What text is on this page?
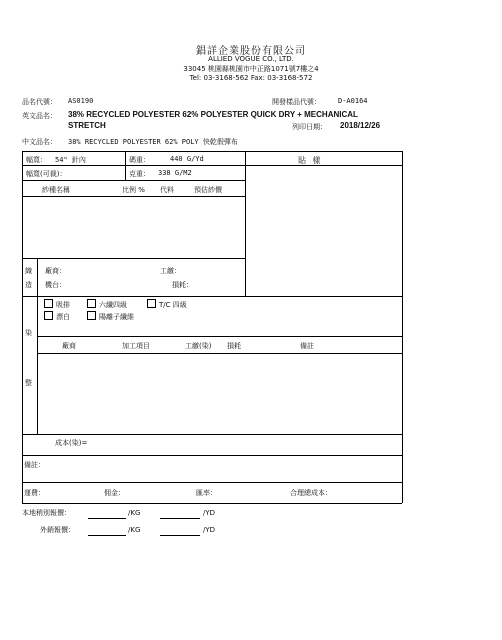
錩詳企業股份有限公司
ALLIED VOGUE CO., LTD.
33045 桃園縣桃園市中正路1071號7樓之4
Tel: 03-3168-562 Fax: 03-3168-572
品名代號： AS0190	開發樣品代號： D-A0164
英文品名： 38% RECYCLED POLYESTER 62% POLYESTER QUICK DRY + MECHANICAL
STRETCH	列印日期： 2018/12/26
中文品名： 38% RECYCLED POLYESTER 62% POLY 快乾假彈布
幅寬： 54" 針內	碼重：	440 G/Yd	貼 樣
幅寬(可裁)：	克重： 338 G/M2
紗種名稱	比例 % 代料	預估紗價
織
造
廠商：	工繳：
機台：	損耗：
染
整
吸排	六纖四級	T/C 四級
漂白	陽離子纖維
廠商	加工項目	工繳(染) 損耗	備註
成本(染)=
備註：
運費：	佣金：	匯率：	合理總成本：
本地稍別報價：	/KG	/YD
外銷報價：	/KG	/YD
